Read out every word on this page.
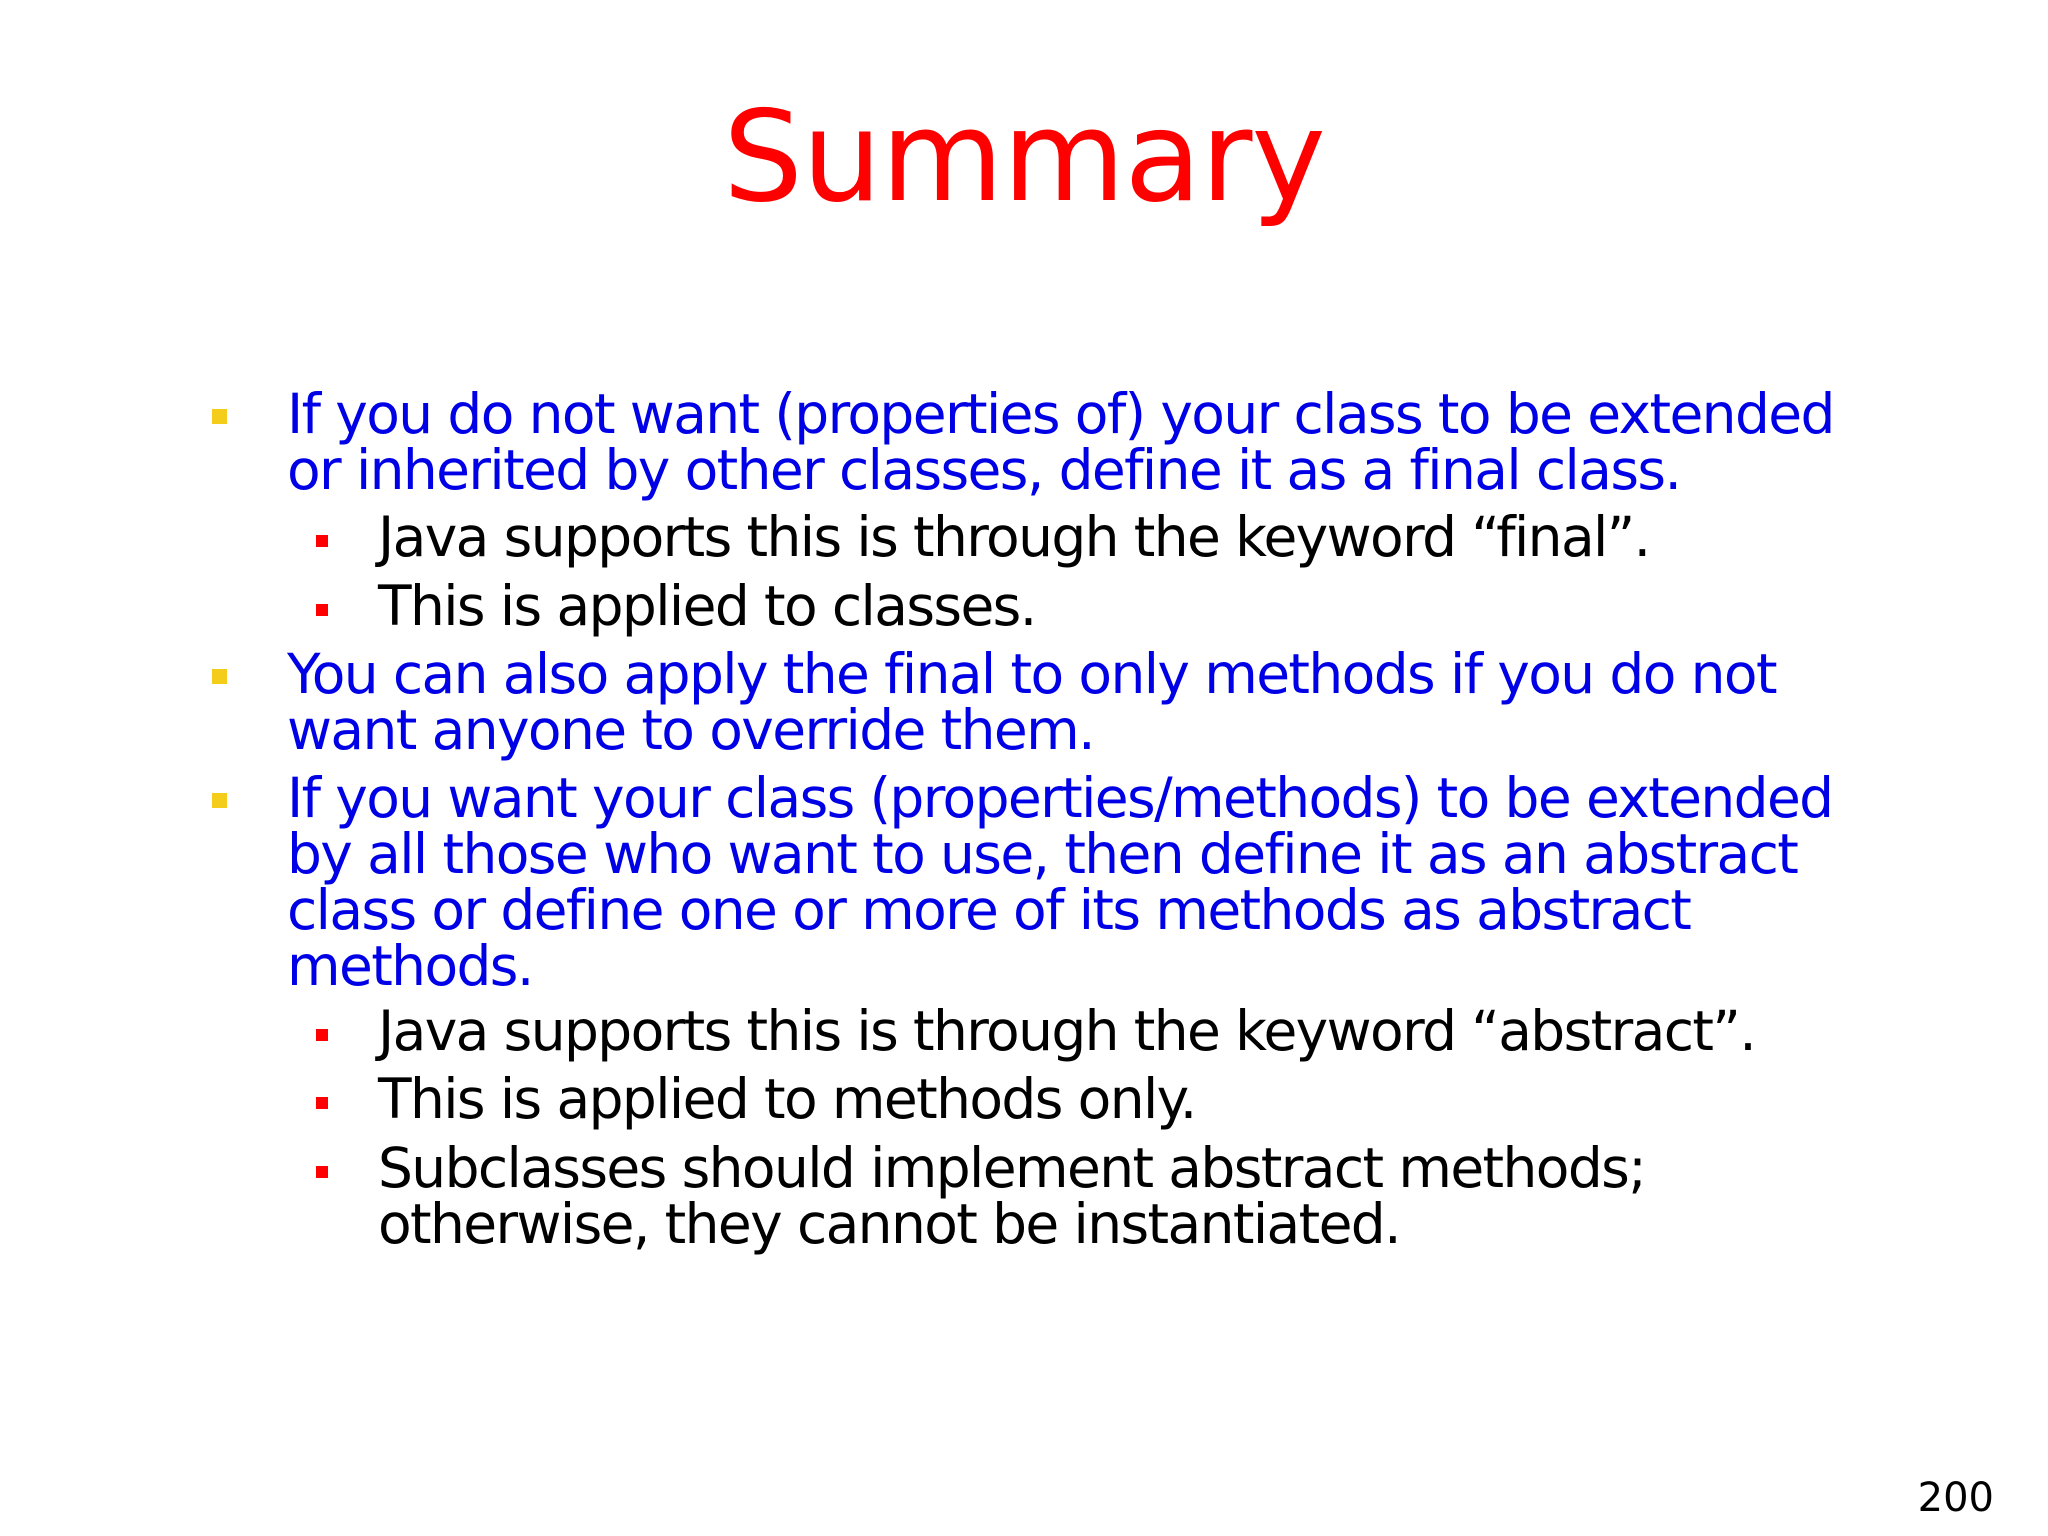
Summary
If you do not want (properties of) your class to be extended or inherited by other classes, define it as a final class.
Java supports this is through the keyword “final”.
This is applied to classes.
You can also apply the final to only methods if you do not want anyone to override them.
If you want your class (properties/methods) to be extended by all those who want to use, then define it as an abstract class or define one or more of its methods as abstract methods.
Java supports this is through the keyword “abstract”.
This is applied to methods only.
Subclasses should implement abstract methods; otherwise, they cannot be instantiated.
200
